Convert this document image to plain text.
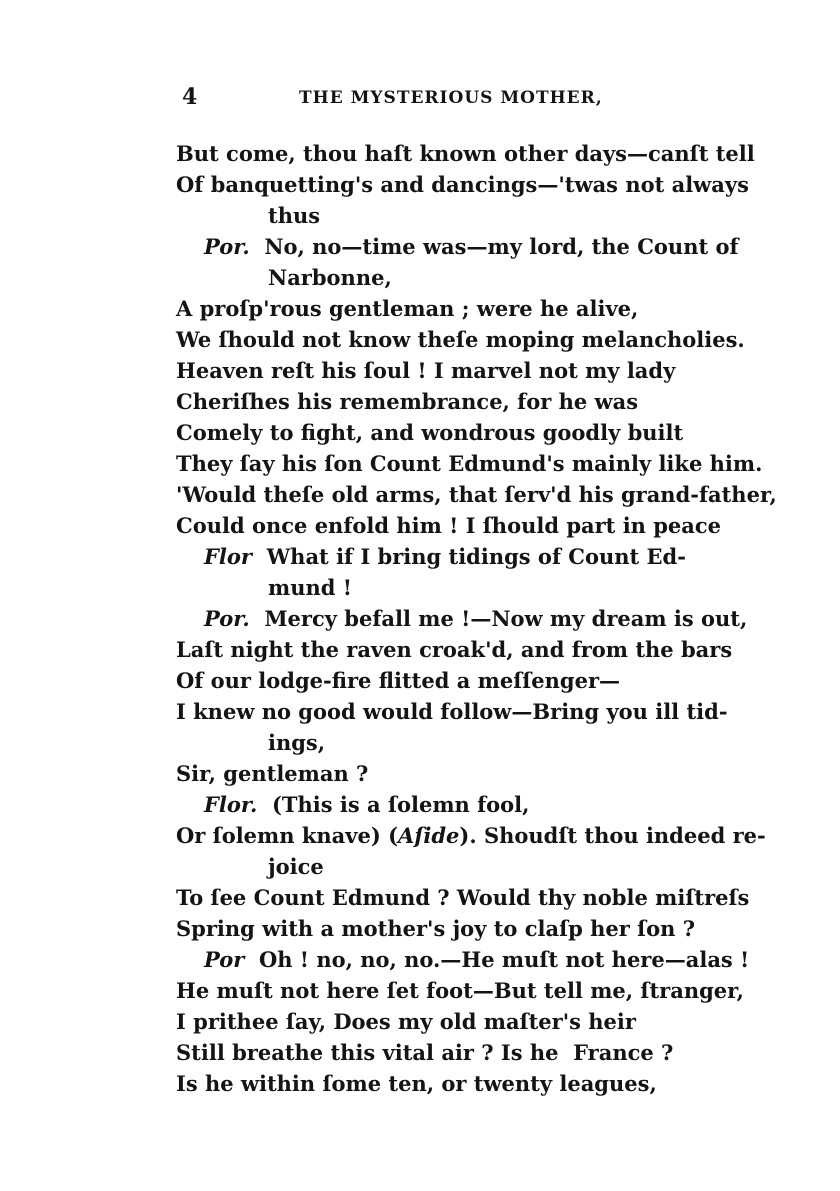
4	THE MYSTERIOUS MOTHER,
But come, thou haſt known other days—canſt tell
Of banquetting's and dancings—'twas not always
thus
Por. No, no—time was—my lord, the Count of
Narbonne,
A proſp'rous gentleman ; were he alive,
We ſhould not know theſe moping melancholies.
Heaven reſt his ſoul ! I marvel not my lady
Cheriſhes his remembrance, for he was
Comely to fight, and wondrous goodly built
They ſay his ſon Count Edmund's mainly like him.
'Would theſe old arms, that ſerv'd his grand-father,
Could once enfold him ! I ſhould part in peace
Flor What if I bring tidings of Count Ed-
mund !
Por. Mercy befall me !—Now my dream is out,
Laſt night the raven croak'd, and from the bars
Of our lodge-fire flitted a meſſenger—
I knew no good would follow—Bring you ill tid-
ings,
Sir, gentleman ?
Flor. (This is a ſolemn fool,
Or ſolemn knave) (Aſide). Shoudſt thou indeed re-
joice
To ſee Count Edmund ? Would thy noble miſtreſs
Spring with a mother's joy to claſp her ſon ?
Por Oh ! no, no, no.—He muſt not here—alas !
He muſt not here ſet foot—But tell me, ſtranger,
I prithee ſay, Does my old maſter's heir
Still breathe this vital air ? Is he  France ?
Is he within ſome ten, or twenty leagues,
